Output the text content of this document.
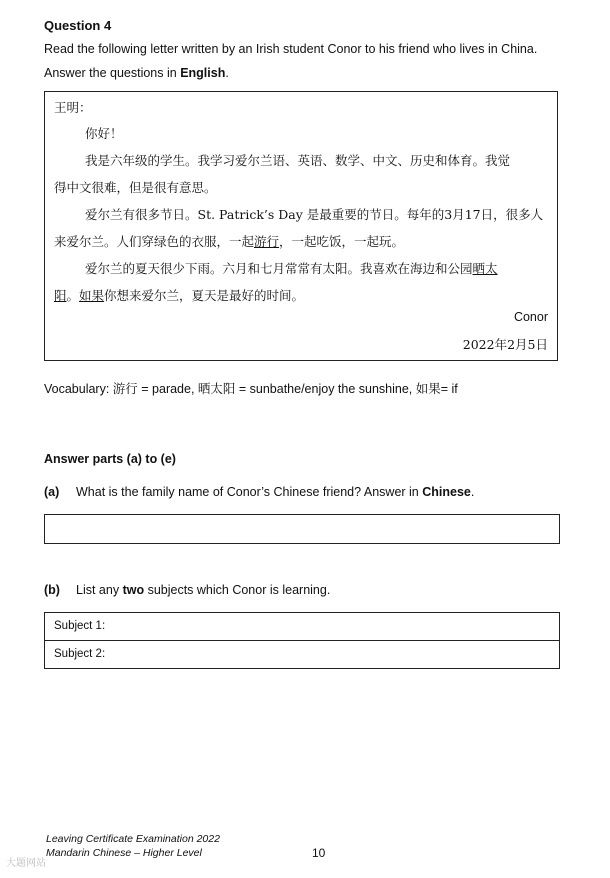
Question 4
Read the following letter written by an Irish student Conor to his friend who lives in China.
Answer the questions in English.
王明：
你好！
我是六年级的学生。我学习爱尔兰语、英语、数学、中文、历史和体育。我觉
得中文很难，但是很有意思。
爱尔兰有很多节日。St. Patrick’s Day 是最重要的节日。每年的3月17日，很多人
来爱尔兰。人们穿绿色的衣服，一起游行，一起吃饭，一起玩。
爱尔兰的夏天很少下雨。六月和七月常常有太阳。我喜欢在海边和公园晒太
阳。如果你想来爱尔兰，夏天是最好的时间。
Conor
2022年2月5日
Vocabulary: 游行 = parade, 晒太阳 = sunbathe/enjoy the sunshine, 如果= if
Answer parts (a) to (e)
(a) What is the family name of Conor’s Chinese friend? Answer in Chinese.
(b) List any two subjects which Conor is learning.
Subject 1:
Subject 2:
Leaving Certificate Examination 2022
Mandarin Chinese – Higher Level	10
大题网站
